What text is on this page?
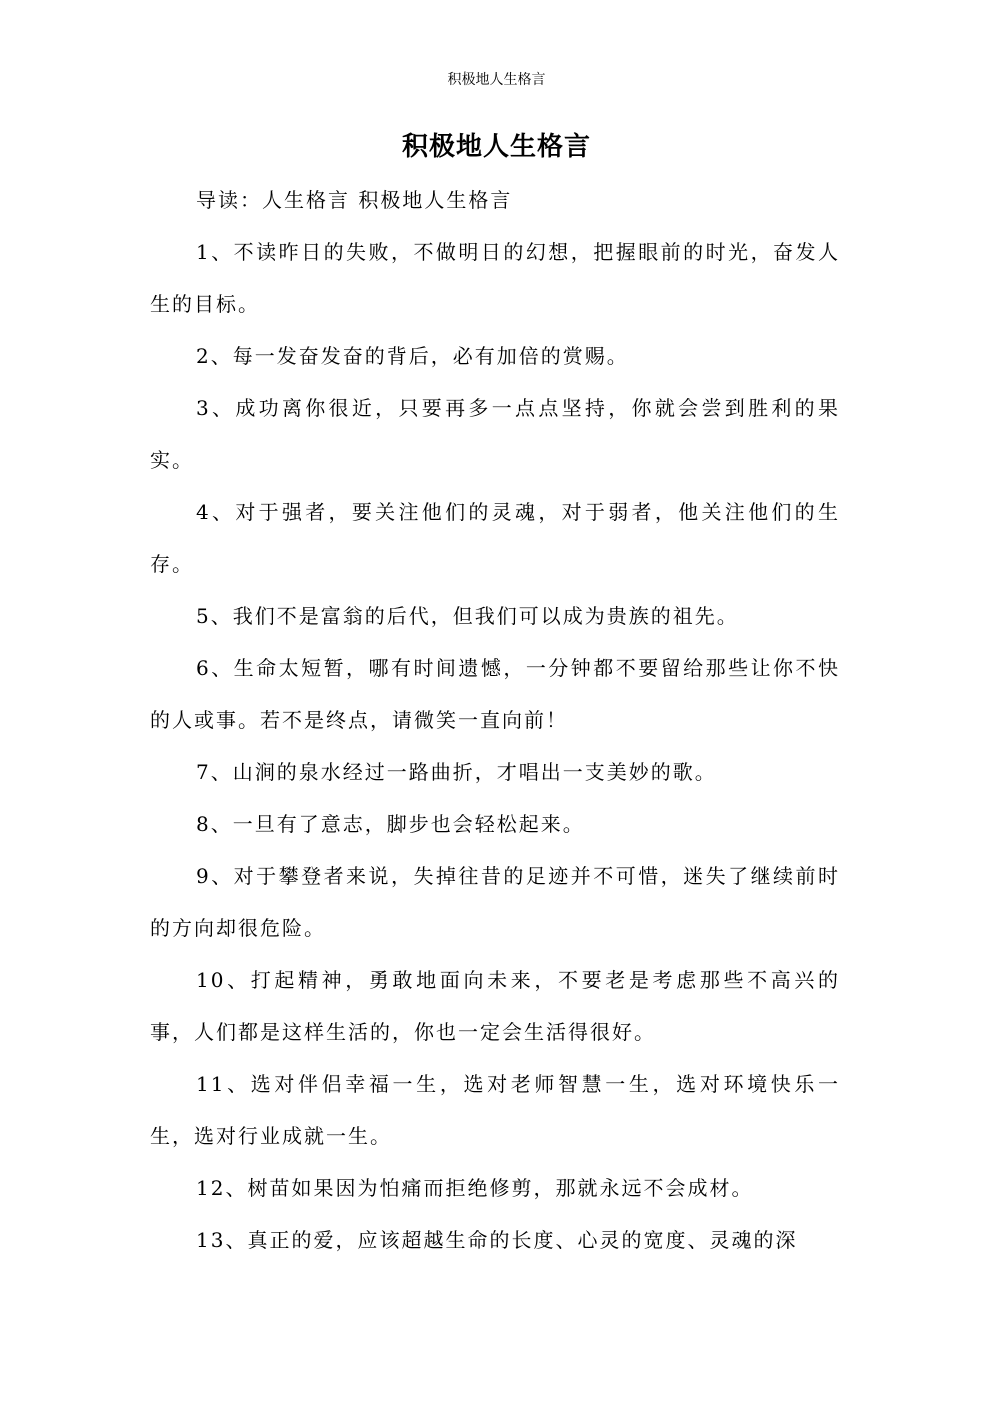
积极地人生格言
积极地人生格言

导读：人生格言 积极地人生格言

1、不读昨日的失败，不做明日的幻想，把握眼前的时光，奋发人生的目标。

2、每一发奋发奋的背后，必有加倍的赏赐。

3、成功离你很近，只要再多一点点坚持，你就会尝到胜利的果实。

4、对于强者，要关注他们的灵魂，对于弱者，他关注他们的生存。

5、我们不是富翁的后代，但我们可以成为贵族的祖先。

6、生命太短暂，哪有时间遗憾，一分钟都不要留给那些让你不快的人或事。若不是终点，请微笑一直向前！

7、山涧的泉水经过一路曲折，才唱出一支美妙的歌。

8、一旦有了意志，脚步也会轻松起来。

9、对于攀登者来说，失掉往昔的足迹并不可惜，迷失了继续前时的方向却很危险。

10、打起精神，勇敢地面向未来，不要老是考虑那些不高兴的事，人们都是这样生活的，你也一定会生活得很好。

11、选对伴侣幸福一生，选对老师智慧一生，选对环境快乐一生，选对行业成就一生。

12、树苗如果因为怕痛而拒绝修剪，那就永远不会成材。

13、真正的爱，应该超越生命的长度、心灵的宽度、灵魂的深
